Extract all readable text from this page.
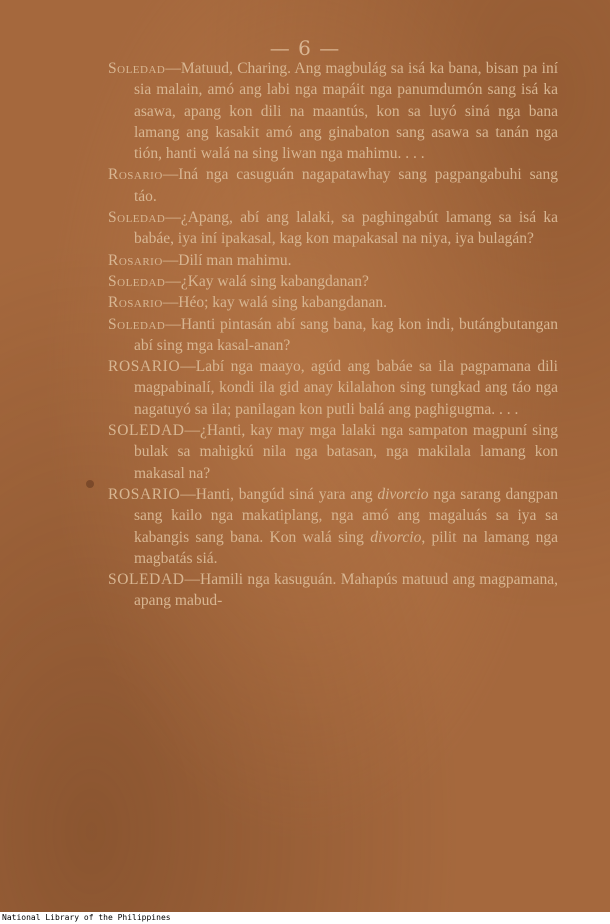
— 6 —

Soledad—Matuud, Charing. Ang magbulág sa isá ka bana, bisan pa iní sia malain, amó ang labi nga mapáit nga panumdumón sang isá ka asawa, apang kon dili na maantús, kon sa luyó siná nga bana lamang ang kasakit amó ang ginabaton sang asawa sa tanán nga tión, hanti walá na sing liwan nga mahimu. . . .

Rosario—Iná nga casuguán nagapatawhay sang pagpangabuhi sang táo.

Soledad—¿Apang, abí ang lalaki, sa paghingabút lamang sa isá ka babáe, iya iní ipakasal, kag kon mapakasal na niya, iya bulagán?

Rosario—Dilí man mahimu.

Soledad—¿Kay walá sing kabangdanan?

Rosario—Héo; kay walá sing kabangdanan.

Soledad—Hanti pintasán abí sang bana, kag kon indi, butángbutangan abí sing mga kasal-anan?

ROSARIO—Labí nga maayo, agúd ang babáe sa ila pagpamana dili magpabinalí, kondi ila gid anay kilalahon sing tungkad ang táo nga nagatuyó sa ila; panilagan kon putli balá ang paghigugma. . . .

SOLEDAD—¿Hanti, kay may mga lalaki nga sampaton magpuní sing bulak sa mahigkú nila nga batasan, nga makilala lamang kon makasal na?

ROSARIO—Hanti, bangúd siná yara ang divorcio nga sarang dangpan sang kailo nga makatiplang, nga amó ang magaluás sa iya sa kabangis sang bana. Kon walá sing divorcio, pilit na lamang nga magbatás siá.

SOLEDAD—Hamili nga kasuguán. Mahapús matuud ang magpamana, apang mabud-

National Library of the Philippines
